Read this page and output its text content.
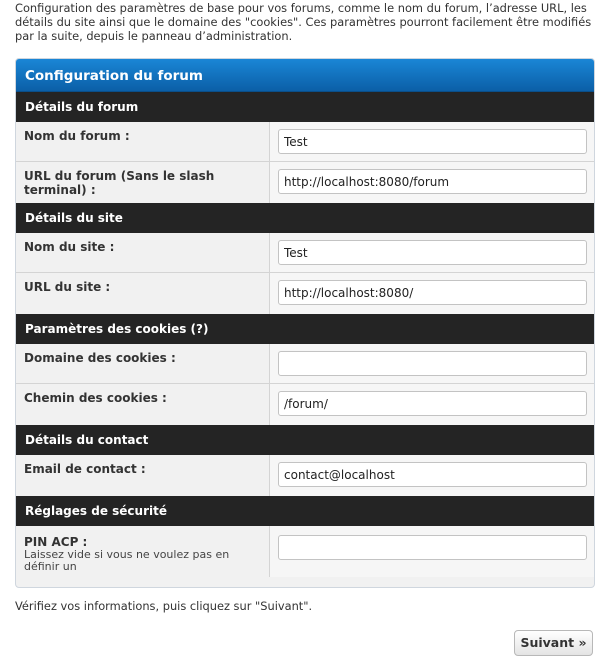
Configuration des paramètres de base pour vos forums, comme le nom du forum, l’adresse URL, les détails du site ainsi que le domaine des "cookies". Ces paramètres pourront facilement être modifiés par la suite, depuis le panneau d’administration.

Configuration du forum
Détails du forum
Nom du forum :
Test
URL du forum (Sans le slash terminal) :
http://localhost:8080/forum
Détails du site
Nom du site :
Test
URL du site :
http://localhost:8080/
Paramètres des cookies (?)
Domaine des cookies :
Chemin des cookies :
/forum/
Détails du contact
Email de contact :
contact@localhost
Réglages de sécurité
PIN ACP :
Laissez vide si vous ne voulez pas en définir un

Vérifiez vos informations, puis cliquez sur "Suivant".

Suivant »
